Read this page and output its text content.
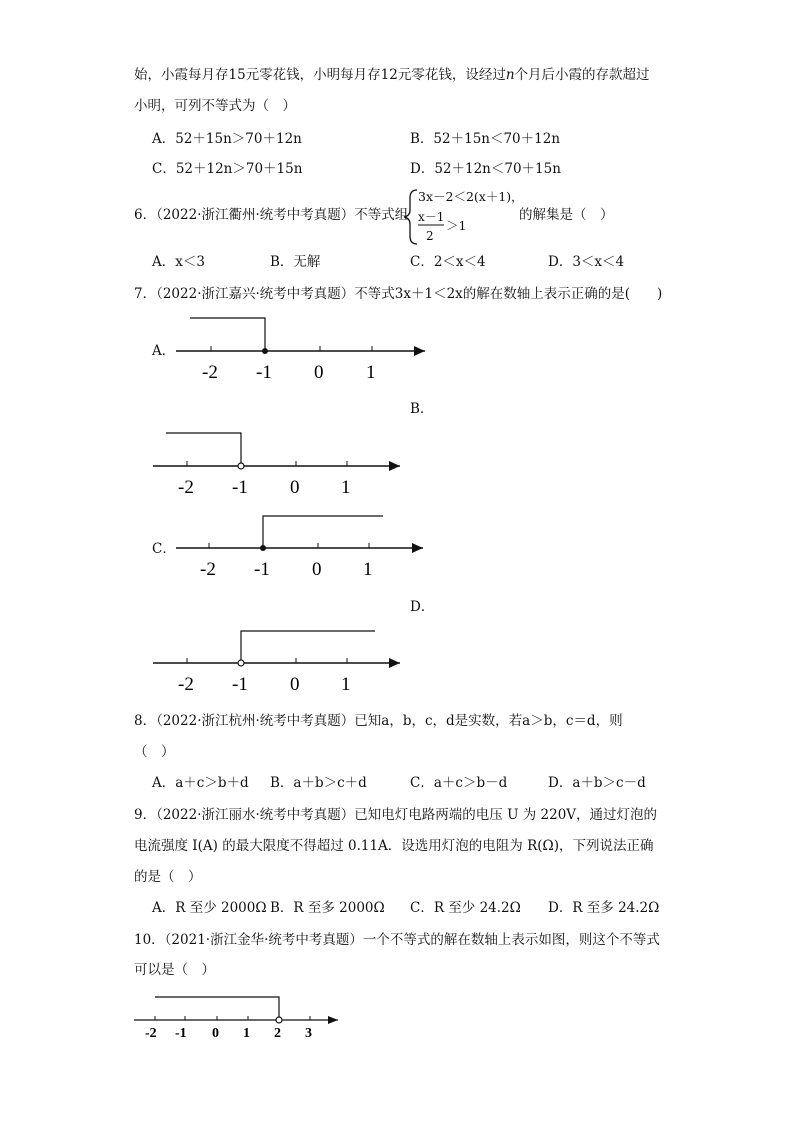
始，小霞每月存15元零花钱，小明每月存12元零花钱，设经过n个月后小霞的存款超过
小明，可列不等式为（　）
A．52＋15n＞70＋12n	B．52＋15n＜70＋12n
C．52＋12n＞70＋15n	D．52＋12n＜70＋15n
6．（2022·浙江衢州·统考中考真题）不等式组
3x－2＜2(x＋1)，
x－1
2
＞1
的解集是（　）
A．x＜3	B．无解	C．2＜x＜4	D．3＜x＜4
7．（2022·浙江嘉兴·统考中考真题）不等式3x＋1＜2x的解在数轴上表示正确的是(　　)
A．
B．
C．
D．
-2 -1 0 1
-2 -1 0 1
-2 -1 0 1
-2 -1 0 1
-2 -1 0 1 2 3
8．（2022·浙江杭州·统考中考真题）已知a，b，c，d是实数，若a＞b，c＝d，则
（　）
A．a＋c＞b＋d B．a＋b＞c＋d	C．a＋c＞b－d	D．a＋b＞c－d
9．（2022·浙江丽水·统考中考真题）已知电灯电路两端的电压 U 为 220V，通过灯泡的
电流强度 I(A) 的最大限度不得超过 0.11A．设选用灯泡的电阻为 R(Ω)，下列说法正确
的是（　）
A．R 至少 2000Ω B．R 至多 2000Ω C．R 至少 24.2Ω D．R 至多 24.2Ω
10．（2021·浙江金华·统考中考真题）一个不等式的解在数轴上表示如图，则这个不等式
可以是（　）
